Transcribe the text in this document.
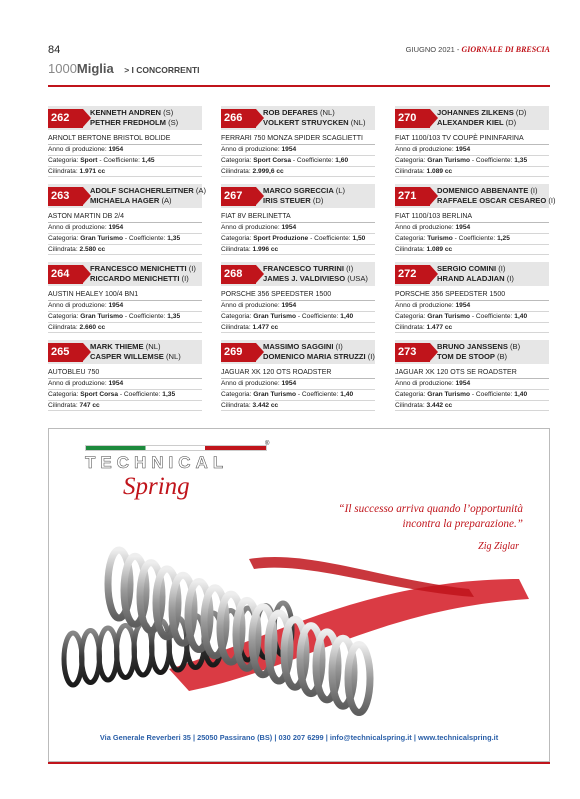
84	GIUGNO 2021 - GIORNALE DI BRESCIA
1000Miglia > I CONCORRENTI
262	KENNETH ANDREN (S)
PETHER FREDHOLM (S)
ARNOLT BERTONE BRISTOL BOLIDE
Anno di produzione: 1954
Categoria: Sport - Coefficiente: 1,45
Cilindrata: 1.971 cc
263	ADOLF SCHACHERLEITNER (A)
MICHAELA HAGER (A)
ASTON MARTIN DB 2/4
Anno di produzione: 1954
Categoria: Gran Turismo - Coefficiente: 1,35
Cilindrata: 2.580 cc
264	FRANCESCO MENICHETTI (I)
RICCARDO MENICHETTI (I)
AUSTIN HEALEY 100/4 BN1
Anno di produzione: 1954
Categoria: Gran Turismo - Coefficiente: 1,35
Cilindrata: 2.660 cc
265	MARK THIEME (NL)
CASPER WILLEMSE (NL)
AUTOBLEU 750
Anno di produzione: 1954
Categoria: Sport Corsa - Coefficiente: 1,35
Cilindrata: 747 cc
266	ROB DEFARES (NL)
VOLKERT STRUYCKEN (NL)
FERRARI 750 MONZA SPIDER SCAGLIETTI
Anno di produzione: 1954
Categoria: Sport Corsa - Coefficiente: 1,60
Cilindrata: 2.999,6 cc
267	MARCO SGRECCIA (L)
IRIS STEUER (D)
FIAT 8V BERLINETTA
Anno di produzione: 1954
Categoria: Sport Produzione - Coefficiente: 1,50
Cilindrata: 1.996 cc
268	FRANCESCO TURRINI (I)
JAMES J. VALDIVIESO (USA)
PORSCHE 356 SPEEDSTER 1500
Anno di produzione: 1954
Categoria: Gran Turismo - Coefficiente: 1,40
Cilindrata: 1.477 cc
269	MASSIMO SAGGINI (I)
DOMENICO MARIA STRUZZI (I)
JAGUAR XK 120 OTS ROADSTER
Anno di produzione: 1954
Categoria: Gran Turismo - Coefficiente: 1,40
Cilindrata: 3.442 cc
270	JOHANNES ZILKENS (D)
ALEXANDER KIEL (D)
FIAT 1100/103 TV COUPÈ PININFARINA
Anno di produzione: 1954
Categoria: Gran Turismo - Coefficiente: 1,35
Cilindrata: 1.089 cc
271	DOMENICO ABBENANTE (I)
RAFFAELE OSCAR CESAREO (I)
FIAT 1100/103 BERLINA
Anno di produzione: 1954
Categoria: Turismo - Coefficiente: 1,25
Cilindrata: 1.089 cc
272	SERGIO COMINI (I)
HRAND ALADJIAN (I)
PORSCHE 356 SPEEDSTER 1500
Anno di produzione: 1954
Categoria: Gran Turismo - Coefficiente: 1,40
Cilindrata: 1.477 cc
273	BRUNO JANSSENS (B)
TOM DE STOOP (B)
JAGUAR XK 120 OTS SE ROADSTER
Anno di produzione: 1954
Categoria: Gran Turismo - Coefficiente: 1,40
Cilindrata: 3.442 cc
®
TECHNICAL
Spring
“Il successo arriva quando l’opportunità
incontra la preparazione.”
Zig Ziglar
Via Generale Reverberi 35 | 25050 Passirano (BS) | 030 207 6299 | info@technicalspring.it | www.technicalspring.it
